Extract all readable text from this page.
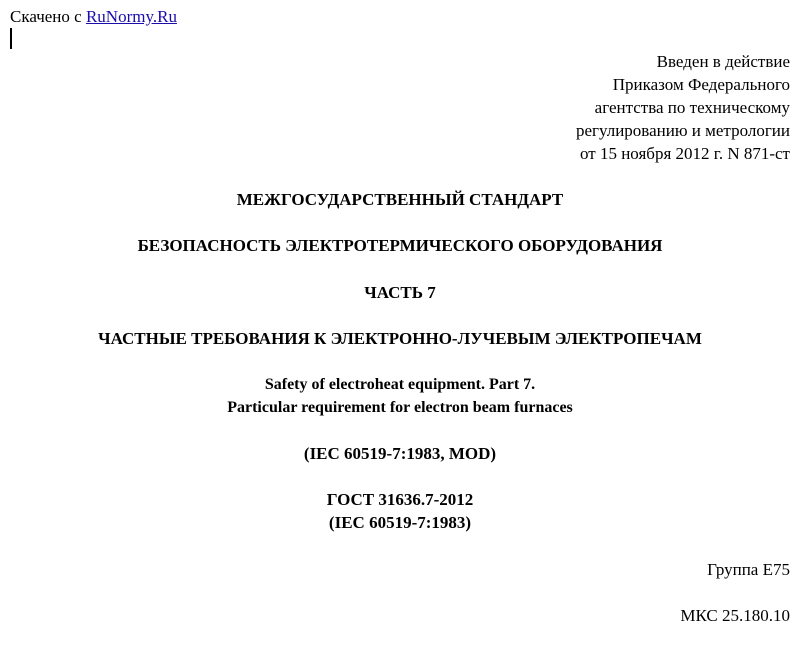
Скачено с RuNormy.Ru
Введен в действие
Приказом Федерального
агентства по техническому
регулированию и метрологии
от 15 ноября 2012 г. N 871-ст
МЕЖГОСУДАРСТВЕННЫЙ СТАНДАРТ
БЕЗОПАСНОСТЬ ЭЛЕКТРОТЕРМИЧЕСКОГО ОБОРУДОВАНИЯ
ЧАСТЬ 7
ЧАСТНЫЕ ТРЕБОВАНИЯ К ЭЛЕКТРОННО-ЛУЧЕВЫМ ЭЛЕКТРОПЕЧАМ
Safety of electroheat equipment. Part 7.
Particular requirement for electron beam furnaces
(IEC 60519-7:1983, MOD)
ГОСТ 31636.7-2012
(IEC 60519-7:1983)
Группа Е75
МКС 25.180.10
